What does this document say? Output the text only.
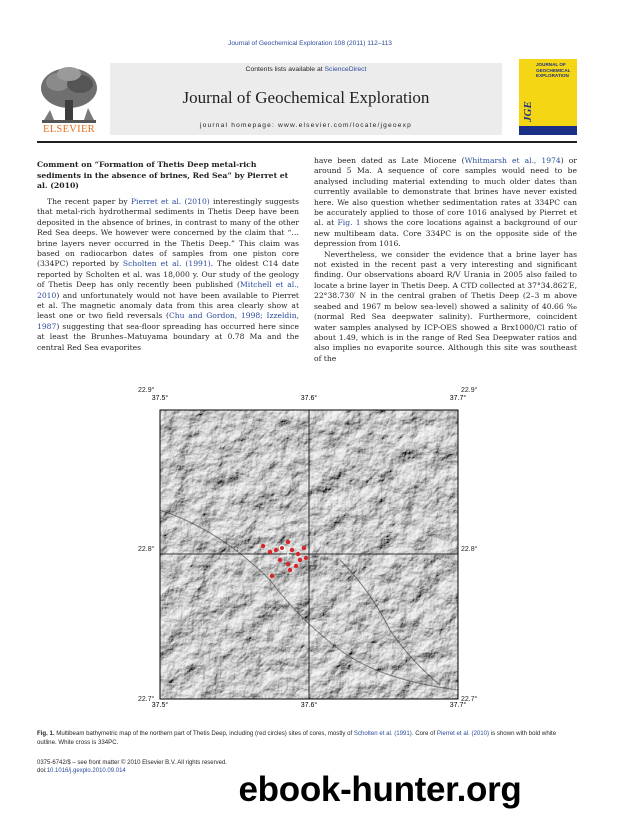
Journal of Geochemical Exploration 108 (2011) 112–113
ELSEVIER
Contents lists available at ScienceDirect
Journal of Geochemical Exploration
journal homepage: www.elsevier.com/locate/jgeoexp
JGE
JOURNAL OF GEOCHEMICAL EXPLORATION
Comment on “Formation of Thetis Deep metal-rich sediments in the absence of brines, Red Sea” by Pierret et al. (2010)

The recent paper by Pierret et al. (2010) interestingly suggests that metal-rich hydrothermal sediments in Thetis Deep have been deposited in the absence of brines, in contrast to many of the other Red Sea deeps. We however were concerned by the claim that “… brine layers never occurred in the Thetis Deep.” This claim was based on radiocarbon dates of samples from one piston core (334PC) reported by Scholten et al. (1991). The oldest C14 date reported by Scholten et al. was 18,000 y. Our study of the geology of Thetis Deep has only recently been published (Mitchell et al., 2010) and unfortunately would not have been available to Pierret et al. The magnetic anomaly data from this area clearly show at least one or two field reversals (Chu and Gordon, 1998; Izzeldin, 1987) suggesting that sea-floor spreading has occurred here since at least the Brunhes–Matuyama boundary at 0.78 Ma and the central Red Sea evaporites

have been dated as Late Miocene (Whitmarsh et al., 1974) or around 5 Ma. A sequence of core samples would need to be analysed including material extending to much older dates than currently available to demonstrate that brines have never existed here. We also question whether sedimentation rates at 334PC can be accurately applied to those of core 1016 analysed by Pierret et al. at Fig. 1 shows the core locations against a background of our new multibeam data. Core 334PC is on the opposite side of the depression from 1016.

Nevertheless, we consider the evidence that a brine layer has not existed in the recent past a very interesting and significant finding. Our observations aboard R/V Urania in 2005 also failed to locate a brine layer in Thetis Deep. A CTD collected at 37°34.862′E, 22°38.730′ N in the central graben of Thetis Deep (2–3 m above seabed and 1967 m below sea-level) showed a salinity of 40.66 ‰ (normal Red Sea deepwater salinity). Furthermore, coincident water samples analysed by ICP-OES showed a Brx1000/Cl ratio of about 1.49, which is in the range of Red Sea Deepwater ratios and also implies no evaporite source. Although this site was southeast of the

37.5°	37.6°	37.7°
37.5°	37.6°	37.7°
22.9°
22.8°
22.7°
22.9°
22.8°
22.7°
Fig. 1. Multibeam bathymetric map of the northern part of Thetis Deep, including (red circles) sites of cores, mostly of Scholten et al. (1991). Core of Pierret et al. (2010) is shown with bold white outline. White cross is 334PC.
0375-6742/$ – see front matter © 2010 Elsevier B.V. All rights reserved.
doi:10.1016/j.gexplo.2010.09.014	ebook-hunter.org
